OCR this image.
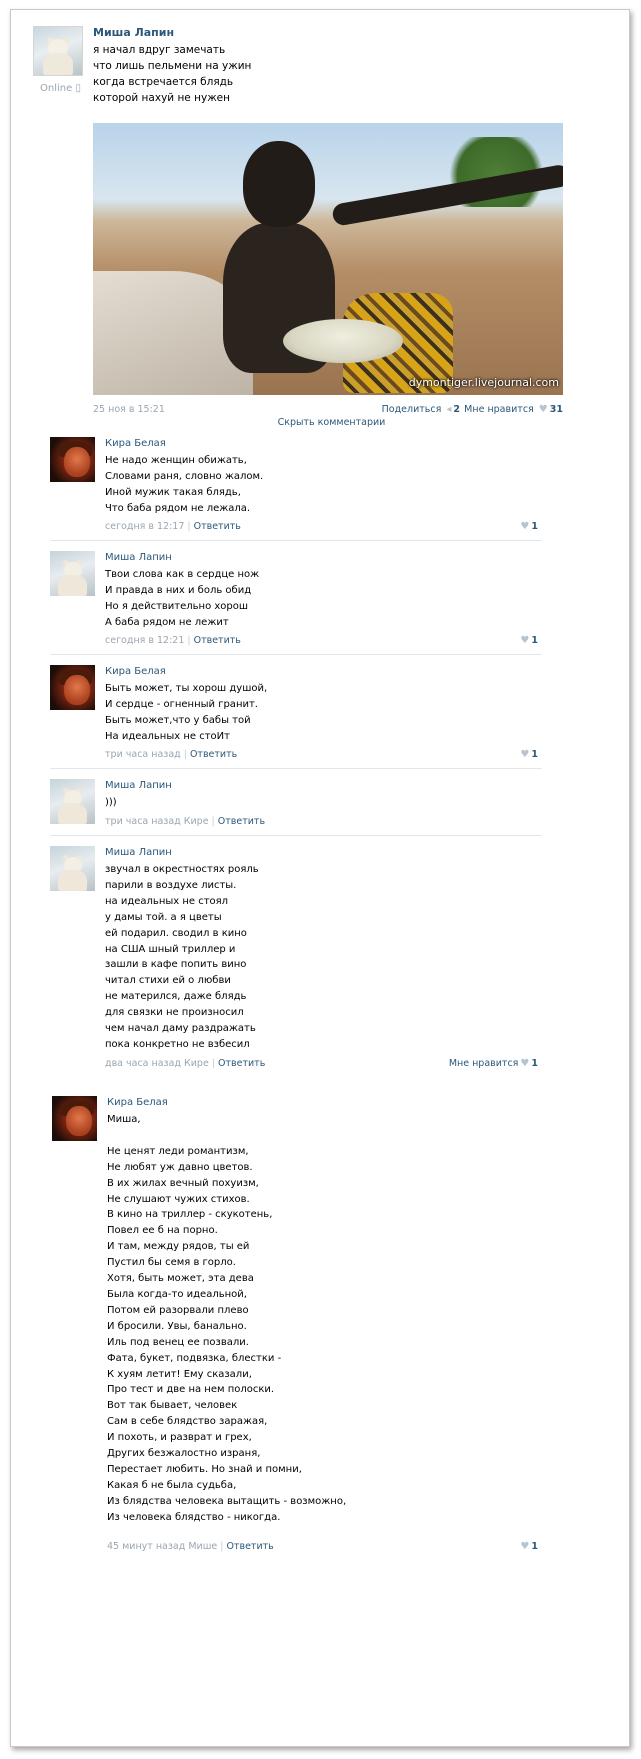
Online ▯
Миша Лапин
я начал вдруг замечать
что лишь пельмени на ужин
когда встречается блядь
которой нахуй не нужен
dymontiger.livejournal.com
25 ноя в 15:21	Поделиться ◂ 2 Мне нравится ♥ 31
Скрыть комментарии
Кира Белая
Не надо женщин обижать,
Словами раня, словно жалом.
Иной мужик такая блядь,
Что баба рядом не лежала.
сегодня в 12:17 | Ответить	♥ 1
Миша Лапин
Твои слова как в сердце нож
И правда в них и боль обид
Но я действительно хорош
А баба рядом не лежит
сегодня в 12:21 | Ответить	♥ 1
Кира Белая
Быть может, ты хорош душой,
И сердце - огненный гранит.
Быть может,что у бабы той
На идеальных не стоИт
три часа назад | Ответить	♥ 1
Миша Лапин
)))
три часа назад Кире | Ответить
Миша Лапин
звучал в окрестностях рояль
парили в воздухе листы.
на идеальных не стоял
у дамы той. а я цветы
ей подарил. сводил в кино
на США шный триллер и
зашли в кафе попить вино
читал стихи ей о любви
не матерился, даже блядь
для связки не произносил
чем начал даму раздражать
пока конкретно не взбесил
два часа назад Кире | Ответить	Мне нравится ♥ 1
Кира Белая
Миша,

Не ценят леди романтизм,
Не любят уж давно цветов.
В их жилах вечный похуизм,
Не слушают чужих стихов.
В кино на триллер - скукотень,
Повел ее б на порно.
И там, между рядов, ты ей
Пустил бы семя в горло.
Хотя, быть может, эта дева
Была когда-то идеальной,
Потом ей разорвали плево
И бросили. Увы, банально.
Иль под венец ее позвали.
Фата, букет, подвязка, блестки -
К хуям летит! Ему сказали,
Про тест и две на нем полоски.
Вот так бывает, человек
Сам в себе блядство заражая,
И похоть, и разврат и грех,
Других безжалостно израня,
Перестает любить. Но знай и помни,
Какая б не была судьба,
Из блядства человека вытащить - возможно,
Из человека блядство - никогда.
45 минут назад Мише | Ответить	♥ 1
